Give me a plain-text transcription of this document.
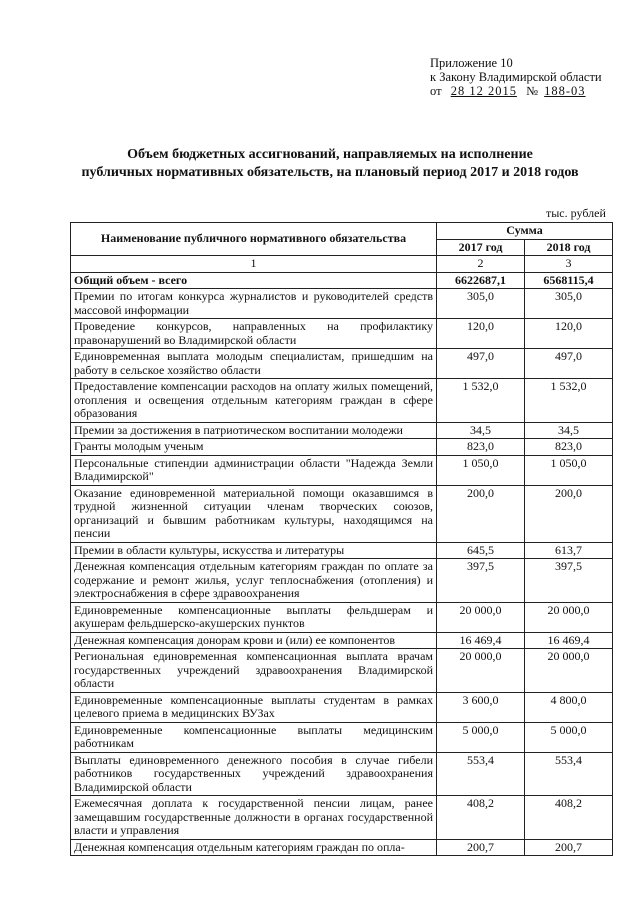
Приложение 10
к Закону Владимирской области
от 28 12 2015 № 188-03
Объем бюджетных ассигнований, направляемых на исполнение
публичных нормативных обязательств, на плановый период 2017 и 2018 годов
тыс. рублей
Наименование публичного нормативного обязательства	Сумма	
	2017 год	2018 год
1	2	3
Общий объем - всего	6622687,1	6568115,4
Премии по итогам конкурса журналистов и руководителей средств массовой информации	305,0	305,0
Проведение конкурсов, направленных на профилактику правонарушений во Владимирской области	120,0	120,0
Единовременная выплата молодым специалистам, пришедшим на работу в сельское хозяйство области	497,0	497,0
Предоставление компенсации расходов на оплату жилых помещений, отопления и освещения отдельным категориям граждан в сфере образования	1 532,0	1 532,0
Премии за достижения в патриотическом воспитании молодежи	34,5	34,5
Гранты молодым ученым	823,0	823,0
Персональные стипендии администрации области "Надежда Земли Владимирской"	1 050,0	1 050,0
Оказание единовременной материальной помощи оказавшимся в трудной жизненной ситуации членам творческих союзов, организаций и бывшим работникам культуры, находящимся на пенсии	200,0	200,0
Премии в области культуры, искусства и литературы	645,5	613,7
Денежная компенсация отдельным категориям граждан по оплате за содержание и ремонт жилья, услуг теплоснабжения (отопления) и электроснабжения в сфере здравоохранения	397,5	397,5
Единовременные компенсационные выплаты фельдшерам и акушерам фельдшерско-акушерских пунктов	20 000,0	20 000,0
Денежная компенсация донорам крови и (или) ее компонентов	16 469,4	16 469,4
Региональная единовременная компенсационная выплата врачам государственных учреждений здравоохранения Владимирской области	20 000,0	20 000,0
Единовременные компенсационные выплаты студентам в рамках целевого приема в медицинских ВУЗах	3 600,0	4 800,0
Единовременные компенсационные выплаты медицинским работникам	5 000,0	5 000,0
Выплаты единовременного денежного пособия в случае гибели работников государственных учреждений здравоохранения Владимирской области	553,4	553,4
Ежемесячная доплата к государственной пенсии лицам, ранее замещавшим государственные должности в органах государственной власти и управления	408,2	408,2
Денежная компенсация отдельным категориям граждан по опла-	200,7	200,7
